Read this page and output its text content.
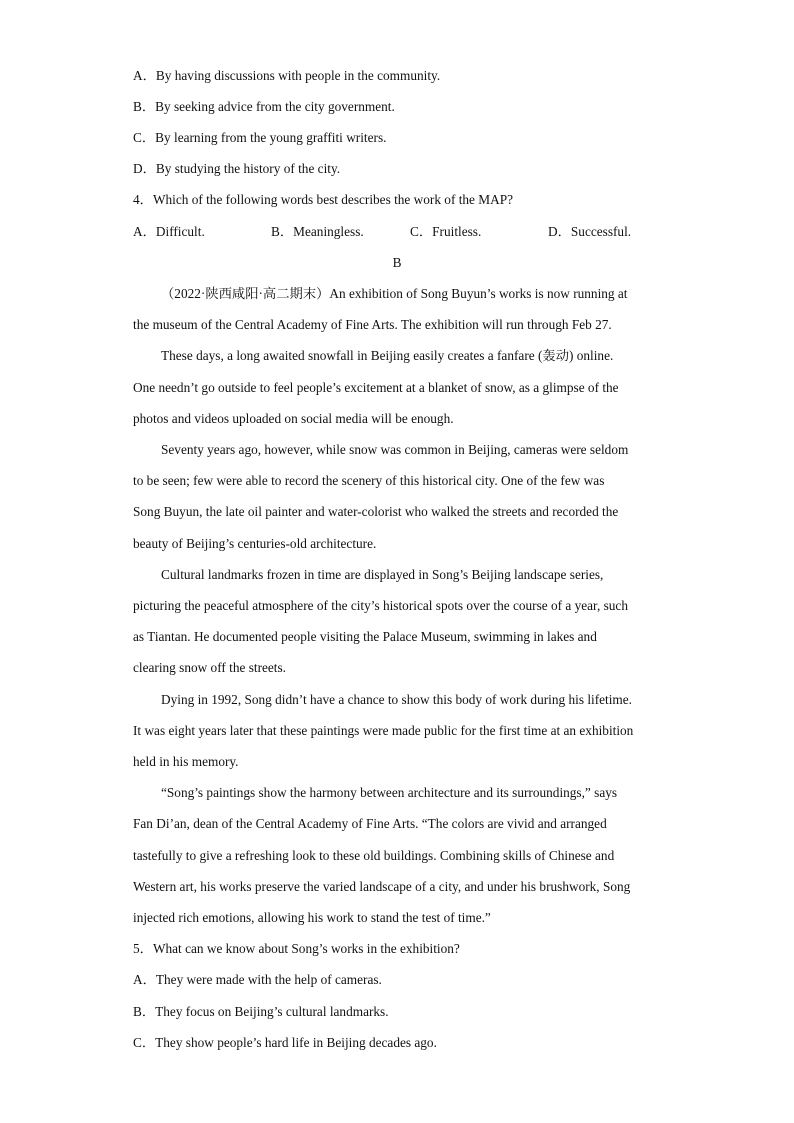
A．By having discussions with people in the community.
B．By seeking advice from the city government.
C．By learning from the young graffiti writers.
D．By studying the history of the city.
4．Which of the following words best describes the work of the MAP?
A．Difficult.	B．Meaningless.	C．Fruitless.	D．Successful.
B
（2022·陕西咸阳·高二期末）An exhibition of Song Buyun’s works is now running at
the museum of the Central Academy of Fine Arts. The exhibition will run through Feb 27.
These days, a long awaited snowfall in Beijing easily creates a fanfare (轰动) online.
One needn’t go outside to feel people’s excitement at a blanket of snow, as a glimpse of the
photos and videos uploaded on social media will be enough.
Seventy years ago, however, while snow was common in Beijing, cameras were seldom
to be seen; few were able to record the scenery of this historical city. One of the few was
Song Buyun, the late oil painter and water-colorist who walked the streets and recorded the
beauty of Beijing’s centuries-old architecture.
Cultural landmarks frozen in time are displayed in Song’s Beijing landscape series,
picturing the peaceful atmosphere of the city’s historical spots over the course of a year, such
as Tiantan. He documented people visiting the Palace Museum, swimming in lakes and
clearing snow off the streets.
Dying in 1992, Song didn’t have a chance to show this body of work during his lifetime.
It was eight years later that these paintings were made public for the first time at an exhibition
held in his memory.
“Song’s paintings show the harmony between architecture and its surroundings,” says
Fan Di’an, dean of the Central Academy of Fine Arts. “The colors are vivid and arranged
tastefully to give a refreshing look to these old buildings. Combining skills of Chinese and
Western art, his works preserve the varied landscape of a city, and under his brushwork, Song
injected rich emotions, allowing his work to stand the test of time.”
5．What can we know about Song’s works in the exhibition?
A．They were made with the help of cameras.
B．They focus on Beijing’s cultural landmarks.
C．They show people’s hard life in Beijing decades ago.
